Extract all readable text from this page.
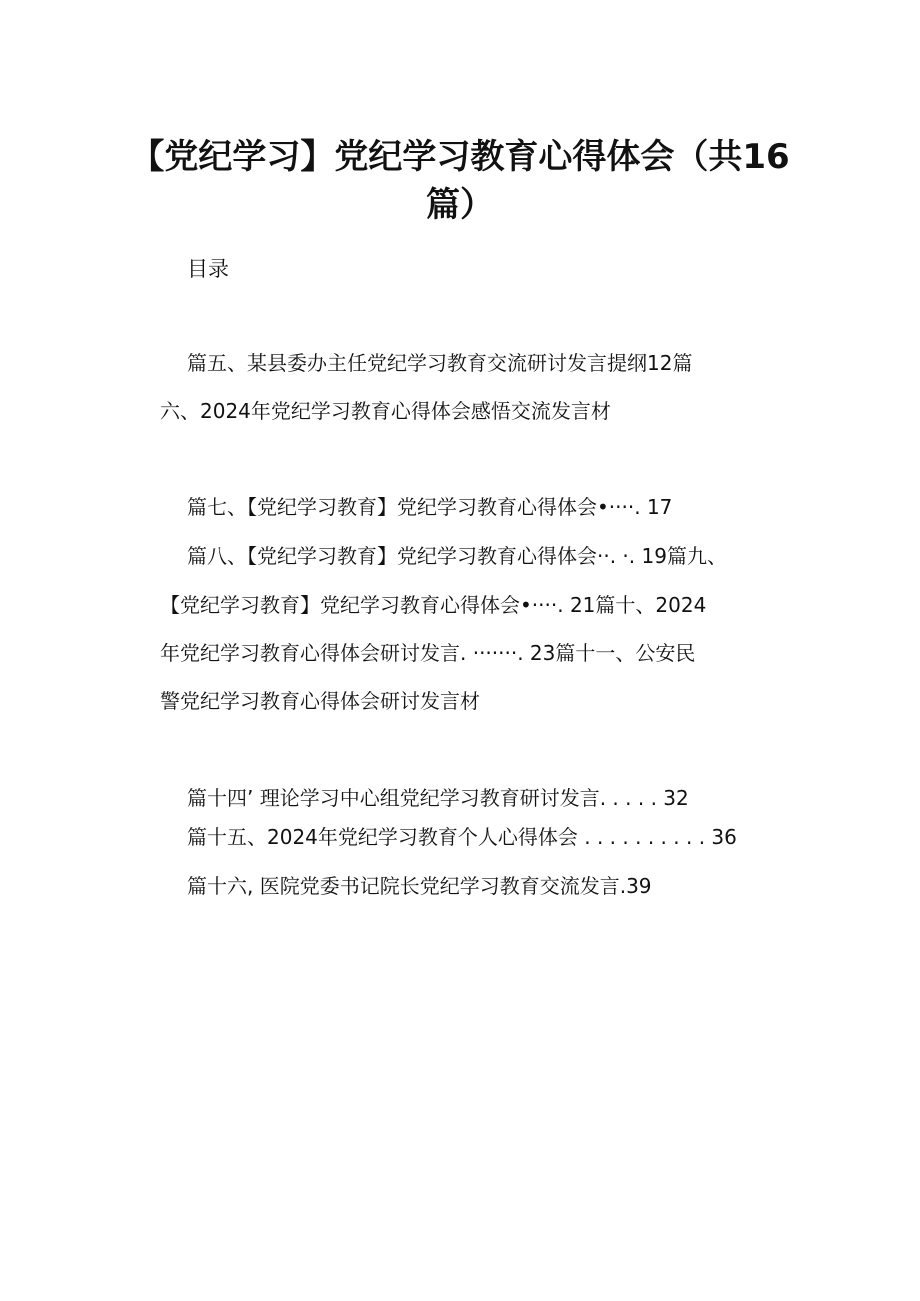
【党纪学习】党纪学习教育心得体会（共16
篇）
目录
篇五、某县委办主任党纪学习教育交流研讨发言提纲12篇
六、2024年党纪学习教育心得体会感悟交流发言材
篇七、【党纪学习教育】党纪学习教育心得体会•····. 17
篇八、【党纪学习教育】党纪学习教育心得体会··. ·. 19篇九、
【党纪学习教育】党纪学习教育心得体会•····. 21篇十、2024
年党纪学习教育心得体会研讨发言. ·······. 23篇十一、公安民
警党纪学习教育心得体会研讨发言材
篇十四’ 理论学习中心组党纪学习教育研讨发言. . . . . 32
篇十五、2024年党纪学习教育个人心得体会 . . . . . . . . . . 36
篇十六, 医院党委书记院长党纪学习教育交流发言.39
